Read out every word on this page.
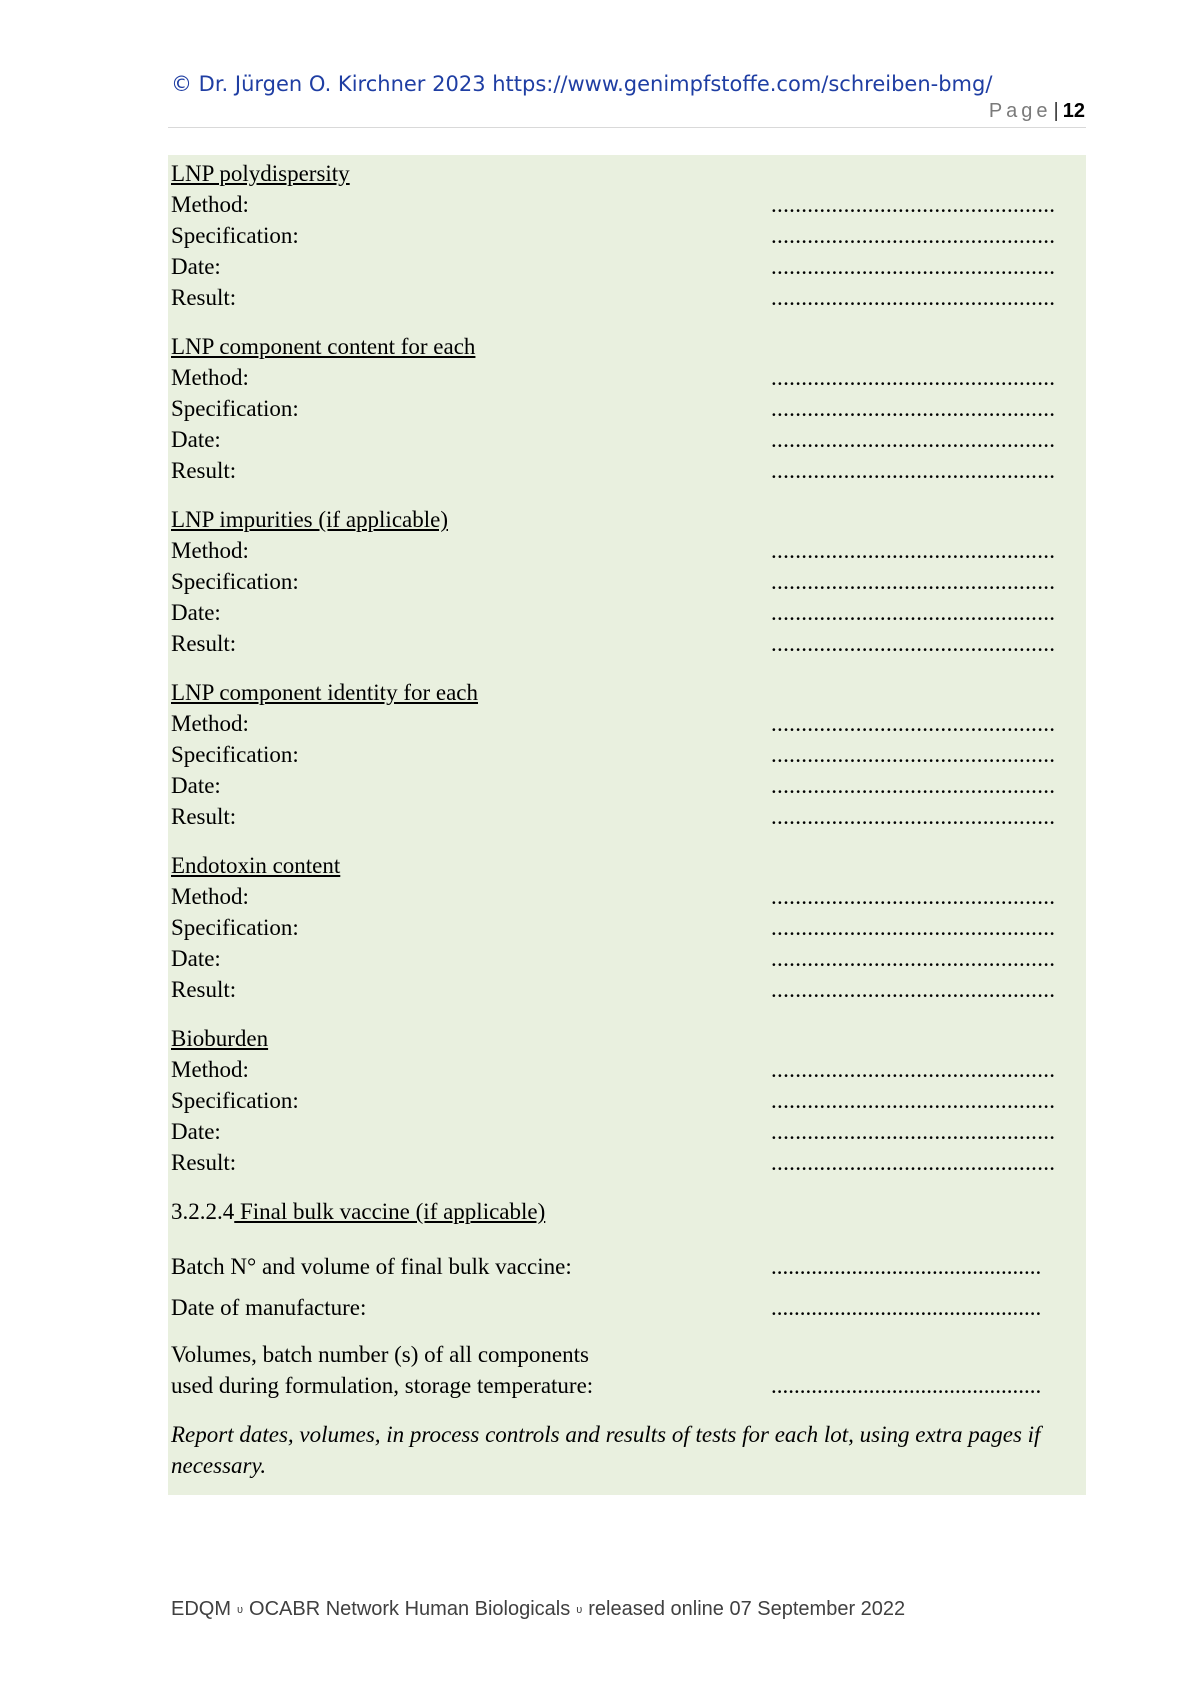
© Dr. Jürgen O. Kirchner 2023 https://www.genimpfstoffe.com/schreiben-bmg/
Page | 12
LNP polydispersity
Method:	...............................................
Specification:	...............................................
Date:	...............................................
Result:	...............................................
LNP component content for each
Method:	...............................................
Specification:	...............................................
Date:	...............................................
Result:	...............................................
LNP impurities (if applicable)
Method:	...............................................
Specification:	...............................................
Date:	...............................................
Result:	...............................................
LNP component identity for each
Method:	...............................................
Specification:	...............................................
Date:	...............................................
Result:	...............................................
Endotoxin content
Method:	...............................................
Specification:	...............................................
Date:	...............................................
Result:	...............................................
Bioburden
Method:	...............................................
Specification:	...............................................
Date:	...............................................
Result:	...............................................
3.2.2.4 Final bulk vaccine (if applicable)
Batch N° and volume of final bulk vaccine:	...............................................
Date of manufacture:	...............................................
Volumes, batch number (s) of all components
used during formulation, storage temperature:	...............................................
Report dates, volumes, in process controls and results of tests for each lot, using extra pages if necessary.
EDQM υ OCABR Network Human Biologicals υ released online 07 September 2022
